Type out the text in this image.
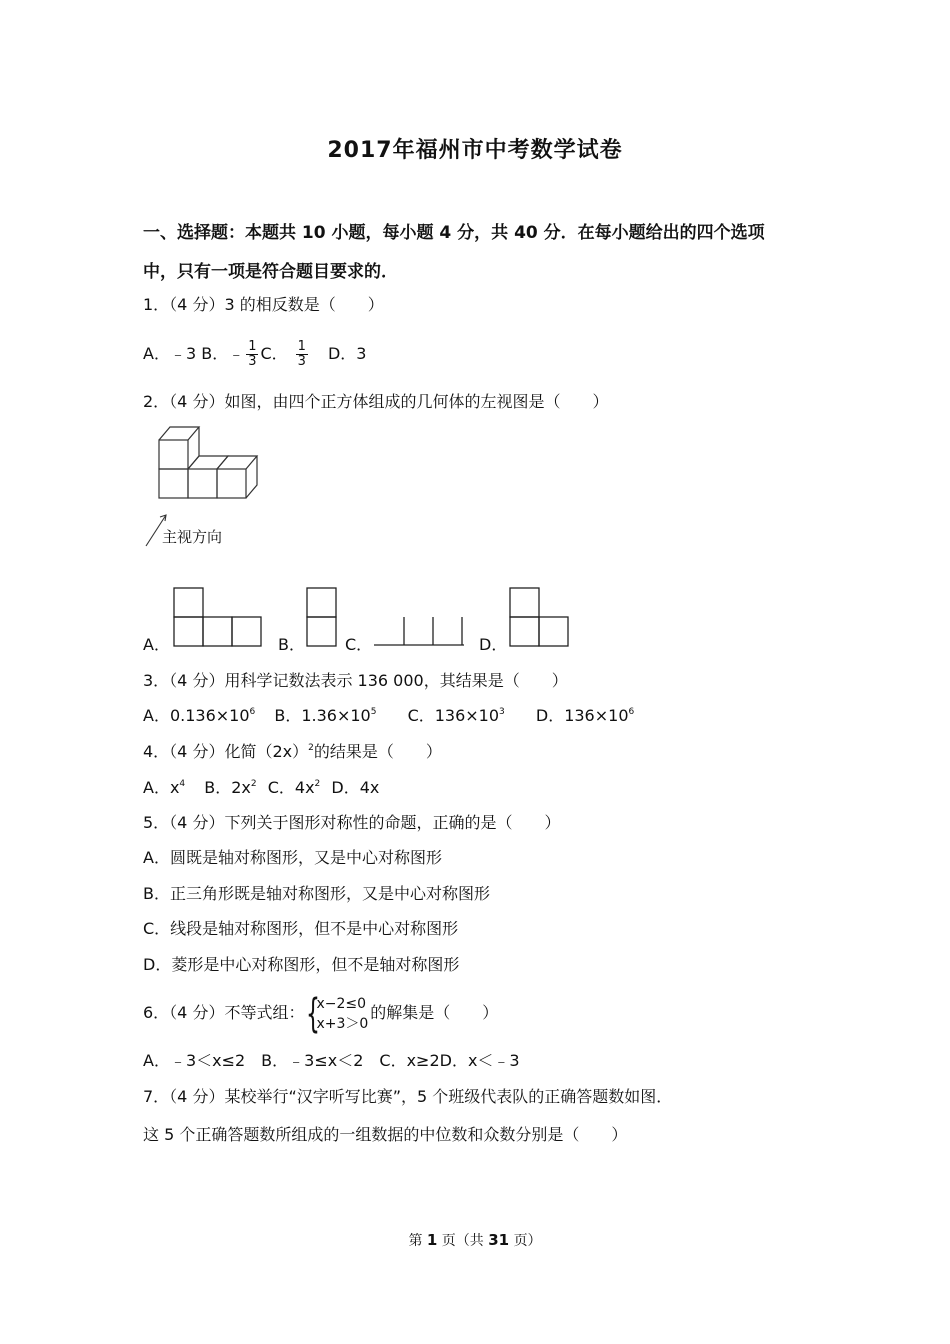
2017年福州市中考数学试卷
一、选择题：本题共 10 小题，每小题 4 分，共 40 分．在每小题给出的四个选项
中，只有一项是符合题目要求的．
1．（4 分）3 的相反数是（　　）
A．﹣3 B．﹣ $\frac{1}{3}$ C． $\frac{1}{3}$ D．3
2．（4 分）如图，由四个正方体组成的几何体的左视图是（　　）
主视方向
A．	B．	C．	D．
3．（4 分）用科学记数法表示 136 000，其结果是（　　）
A．$0.136\times 10^6$ B．$1.36\times 10^5$ C．$136\times 10^3$ D．$136\times 10^6$
4．（4 分）化简$(2x)^2$的结果是（　　）
A．$x^4$ B．$2x^2$ C．$4x^2$ D．4x
5．（4 分）下列关于图形对称性的命题，正确的是（　　）
A．圆既是轴对称图形，又是中心对称图形
B．正三角形既是轴对称图形，又是中心对称图形
C．线段是轴对称图形，但不是中心对称图形
D．菱形是中心对称图形，但不是轴对称图形
6．（4 分）不等式组： {
x−2≤0
x+3＞0
的解集是（　　）
A．﹣3＜x≤2　B．﹣3≤x＜2　C．x≥2D．x＜﹣3
7．（4 分）某校举行“汉字听写比赛”，5 个班级代表队的正确答题数如图．
这 5 个正确答题数所组成的一组数据的中位数和众数分别是（　　）
第 1 页（共 31 页）
